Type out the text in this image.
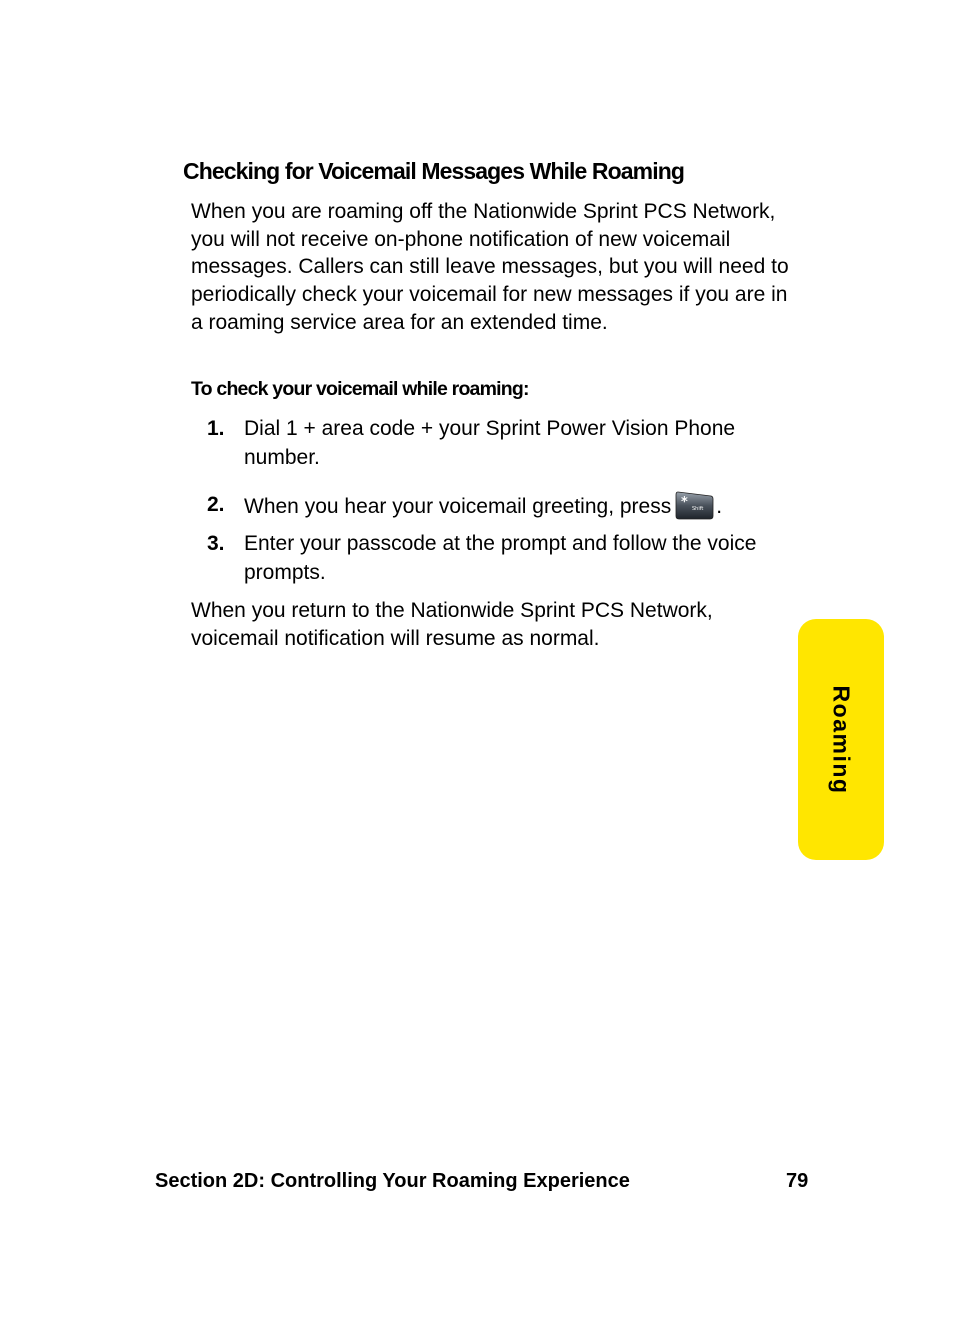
Checking for Voicemail Messages While Roaming

When you are roaming off the Nationwide Sprint PCS Network, you will not receive on-phone notification of new voicemail messages. Callers can still leave messages, but you will need to periodically check your voicemail for new messages if you are in a roaming service area for an extended time.

To check your voicemail while roaming:
1. Dial 1 + area code + your Sprint Power Vision Phone number.
2. When you hear your voicemail greeting, press * Shift .
3. Enter your passcode at the prompt and follow the voice prompts.

When you return to the Nationwide Sprint PCS Network, voicemail notification will resume as normal.

Roaming
Section 2D: Controlling Your Roaming Experience	79
